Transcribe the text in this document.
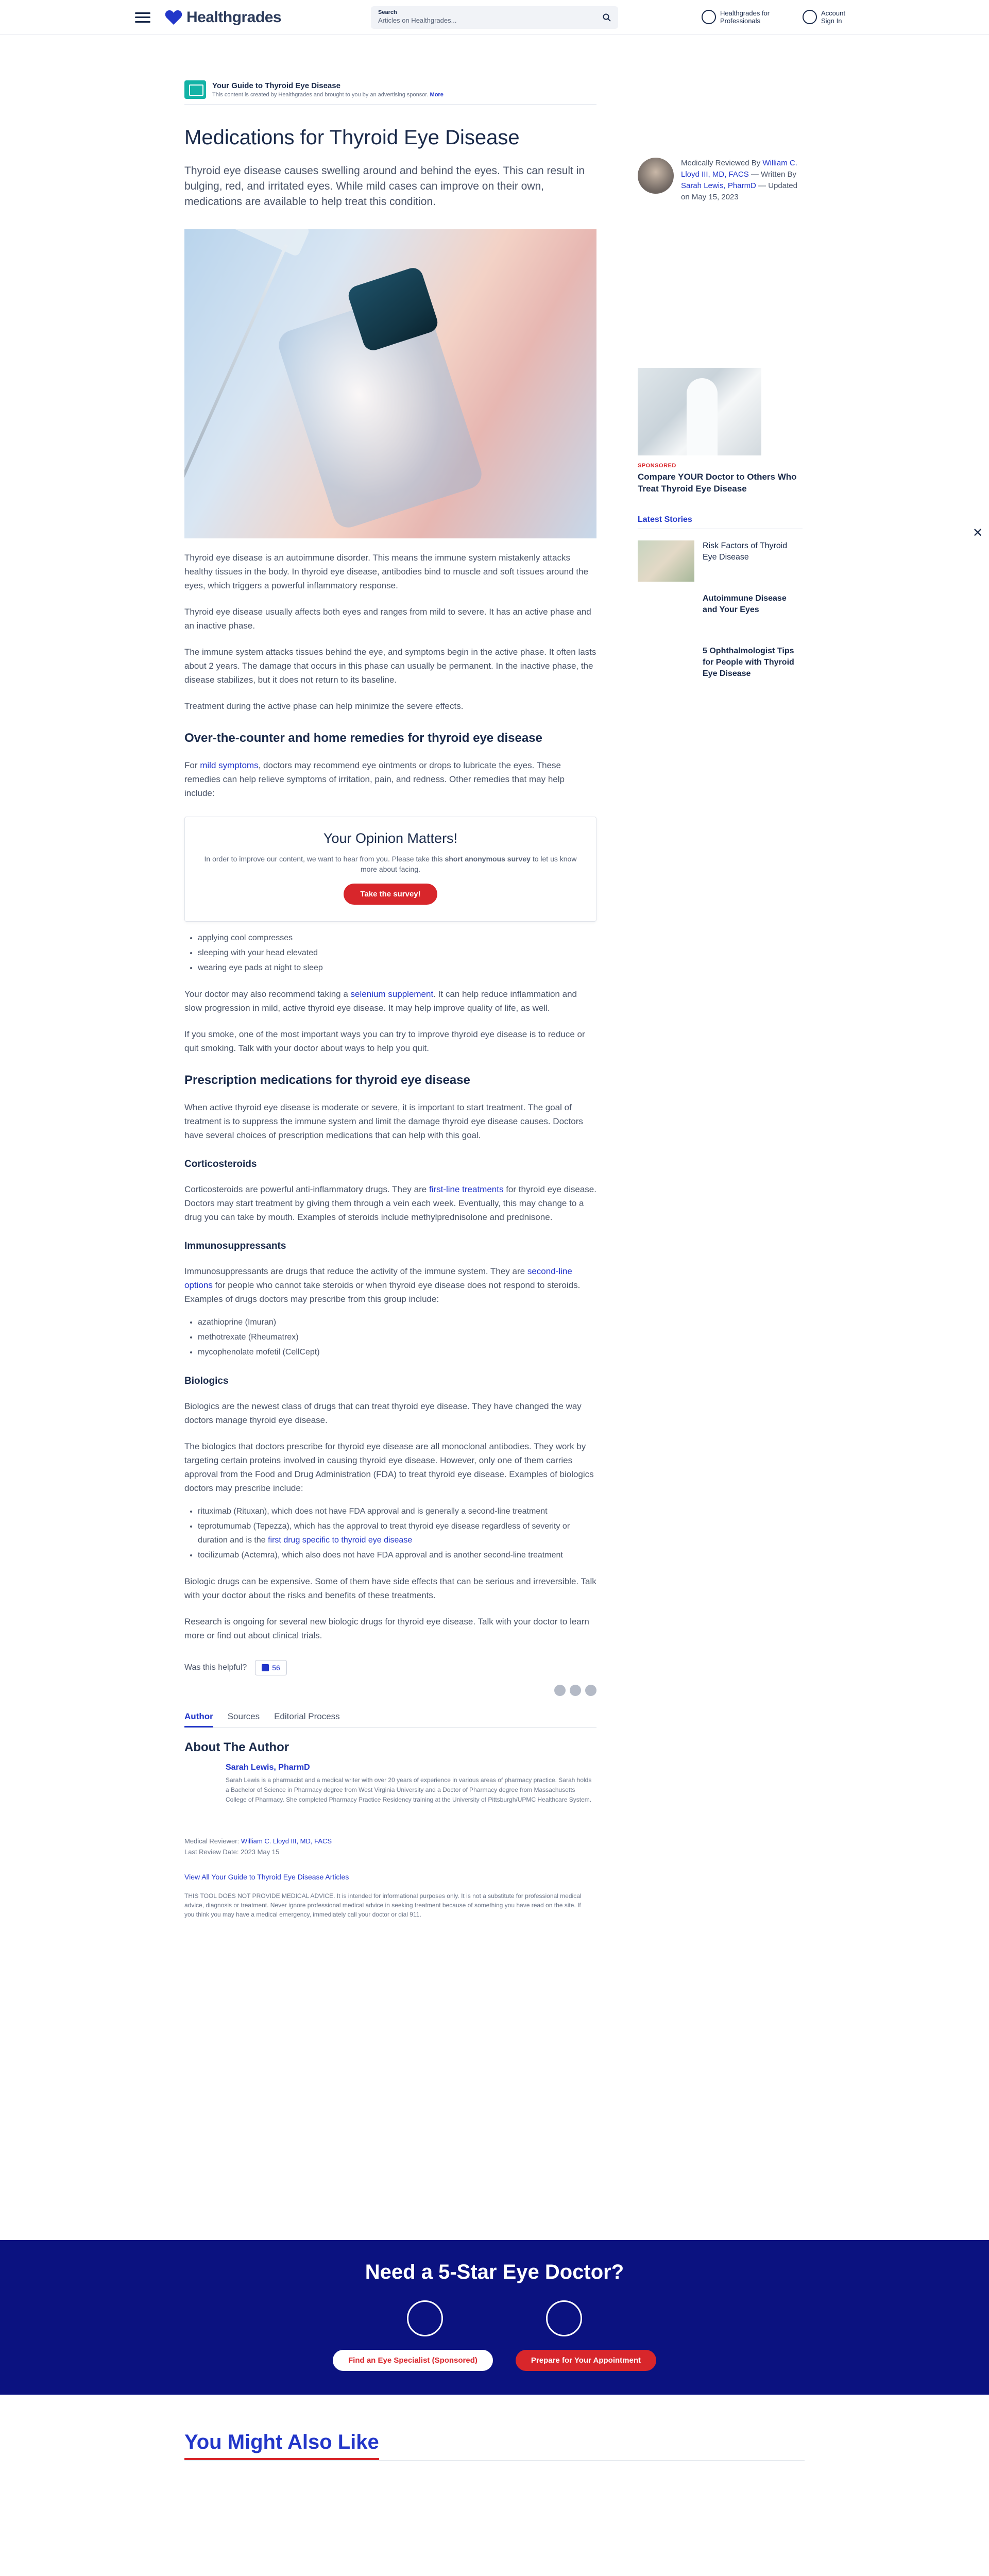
Healthgrades	Search
Articles on Healthgrades...
Healthgrades for
Professionals
Account
Sign In
Your Guide to Thyroid Eye Disease
This content is created by Healthgrades and brought to you by an advertising sponsor. More
Medications for Thyroid Eye Disease

Thyroid eye disease causes swelling around and behind the eyes. This can result in bulging, red, and irritated eyes. While mild cases can improve on their own, medications are available to help treat this condition.

Thyroid eye disease is an autoimmune disorder. This means the immune system mistakenly attacks healthy tissues in the body. In thyroid eye disease, antibodies bind to muscle and soft tissues around the eyes, which triggers a powerful inflammatory response.

Thyroid eye disease usually affects both eyes and ranges from mild to severe. It has an active phase and an inactive phase.

The immune system attacks tissues behind the eye, and symptoms begin in the active phase. It often lasts about 2 years. The damage that occurs in this phase can usually be permanent. In the inactive phase, the disease stabilizes, but it does not return to its baseline.

Treatment during the active phase can help minimize the severe effects.

Over-the-counter and home remedies for thyroid eye disease

For mild symptoms, doctors may recommend eye ointments or drops to lubricate the eyes. These remedies can help relieve symptoms of irritation, pain, and redness. Other remedies that may help include:

Your Opinion Matters!
In order to improve our content, we want to hear from you. Please take this short anonymous survey to let us know more about facing.
Take the survey!
• applying cool compresses
• sleeping with your head elevated
• wearing eye pads at night to sleep

Your doctor may also recommend taking a selenium supplement. It can help reduce inflammation and slow progression in mild, active thyroid eye disease. It may help improve quality of life, as well.

If you smoke, one of the most important ways you can try to improve thyroid eye disease is to reduce or quit smoking. Talk with your doctor about ways to help you quit.

Prescription medications for thyroid eye disease

When active thyroid eye disease is moderate or severe, it is important to start treatment. The goal of treatment is to suppress the immune system and limit the damage thyroid eye disease causes. Doctors have several choices of prescription medications that can help with this goal.

Corticosteroids

Corticosteroids are powerful anti-inflammatory drugs. They are first-line treatments for thyroid eye disease. Doctors may start treatment by giving them through a vein each week. Eventually, this may change to a drug you can take by mouth. Examples of steroids include methylprednisolone and prednisone.

Immunosuppressants

Immunosuppressants are drugs that reduce the activity of the immune system. They are second-line options for people who cannot take steroids or when thyroid eye disease does not respond to steroids. Examples of drugs doctors may prescribe from this group include:

• azathioprine (Imuran)
• methotrexate (Rheumatrex)
• mycophenolate mofetil (CellCept)
Biologics

Biologics are the newest class of drugs that can treat thyroid eye disease. They have changed the way doctors manage thyroid eye disease.

The biologics that doctors prescribe for thyroid eye disease are all monoclonal antibodies. They work by targeting certain proteins involved in causing thyroid eye disease. However, only one of them carries approval from the Food and Drug Administration (FDA) to treat thyroid eye disease. Examples of biologics doctors may prescribe include:

• rituximab (Rituxan), which does not have FDA approval and is generally a second-line treatment
• teprotumumab (Tepezza), which has the approval to treat thyroid eye disease regardless of severity or duration and is the first drug specific to thyroid eye disease
• tocilizumab (Actemra), which also does not have FDA approval and is another second-line treatment

Biologic drugs can be expensive. Some of them have side effects that can be serious and irreversible. Talk with your doctor about the risks and benefits of these treatments.

Research is ongoing for several new biologic drugs for thyroid eye disease. Talk with your doctor to learn more or find out about clinical trials.

Was this helpful?	56
Author Sources Editorial Process
About The Author
Sarah Lewis, PharmD
Sarah Lewis is a pharmacist and a medical writer with over 20 years of experience in various areas of pharmacy practice. Sarah holds a Bachelor of Science in Pharmacy degree from West Virginia University and a Doctor of Pharmacy degree from Massachusetts College of Pharmacy. She completed Pharmacy Practice Residency training at the University of Pittsburgh/UPMC Healthcare System.
Medical Reviewer: William C. Lloyd III, MD, FACS
Last Review Date: 2023 May 15
View All Your Guide to Thyroid Eye Disease Articles
THIS TOOL DOES NOT PROVIDE MEDICAL ADVICE. It is intended for informational purposes only. It is not a substitute for professional medical advice, diagnosis or treatment. Never ignore professional medical advice in seeking treatment because of something you have read on the site. If you think you may have a medical emergency, immediately call your doctor or dial 911.
Medically Reviewed By William C. Lloyd III, MD, FACS — Written By Sarah Lewis, PharmD — Updated on May 15, 2023
SPONSORED
Compare YOUR Doctor to Others Who Treat Thyroid Eye Disease
Latest Stories
Risk Factors of Thyroid Eye Disease
Autoimmune Disease and Your Eyes
5 Ophthalmologist Tips for People with Thyroid Eye Disease
✕
Need a 5-Star Eye Doctor?
Find an Eye Specialist (Sponsored)	Prepare for Your Appointment
You Might Also Like
